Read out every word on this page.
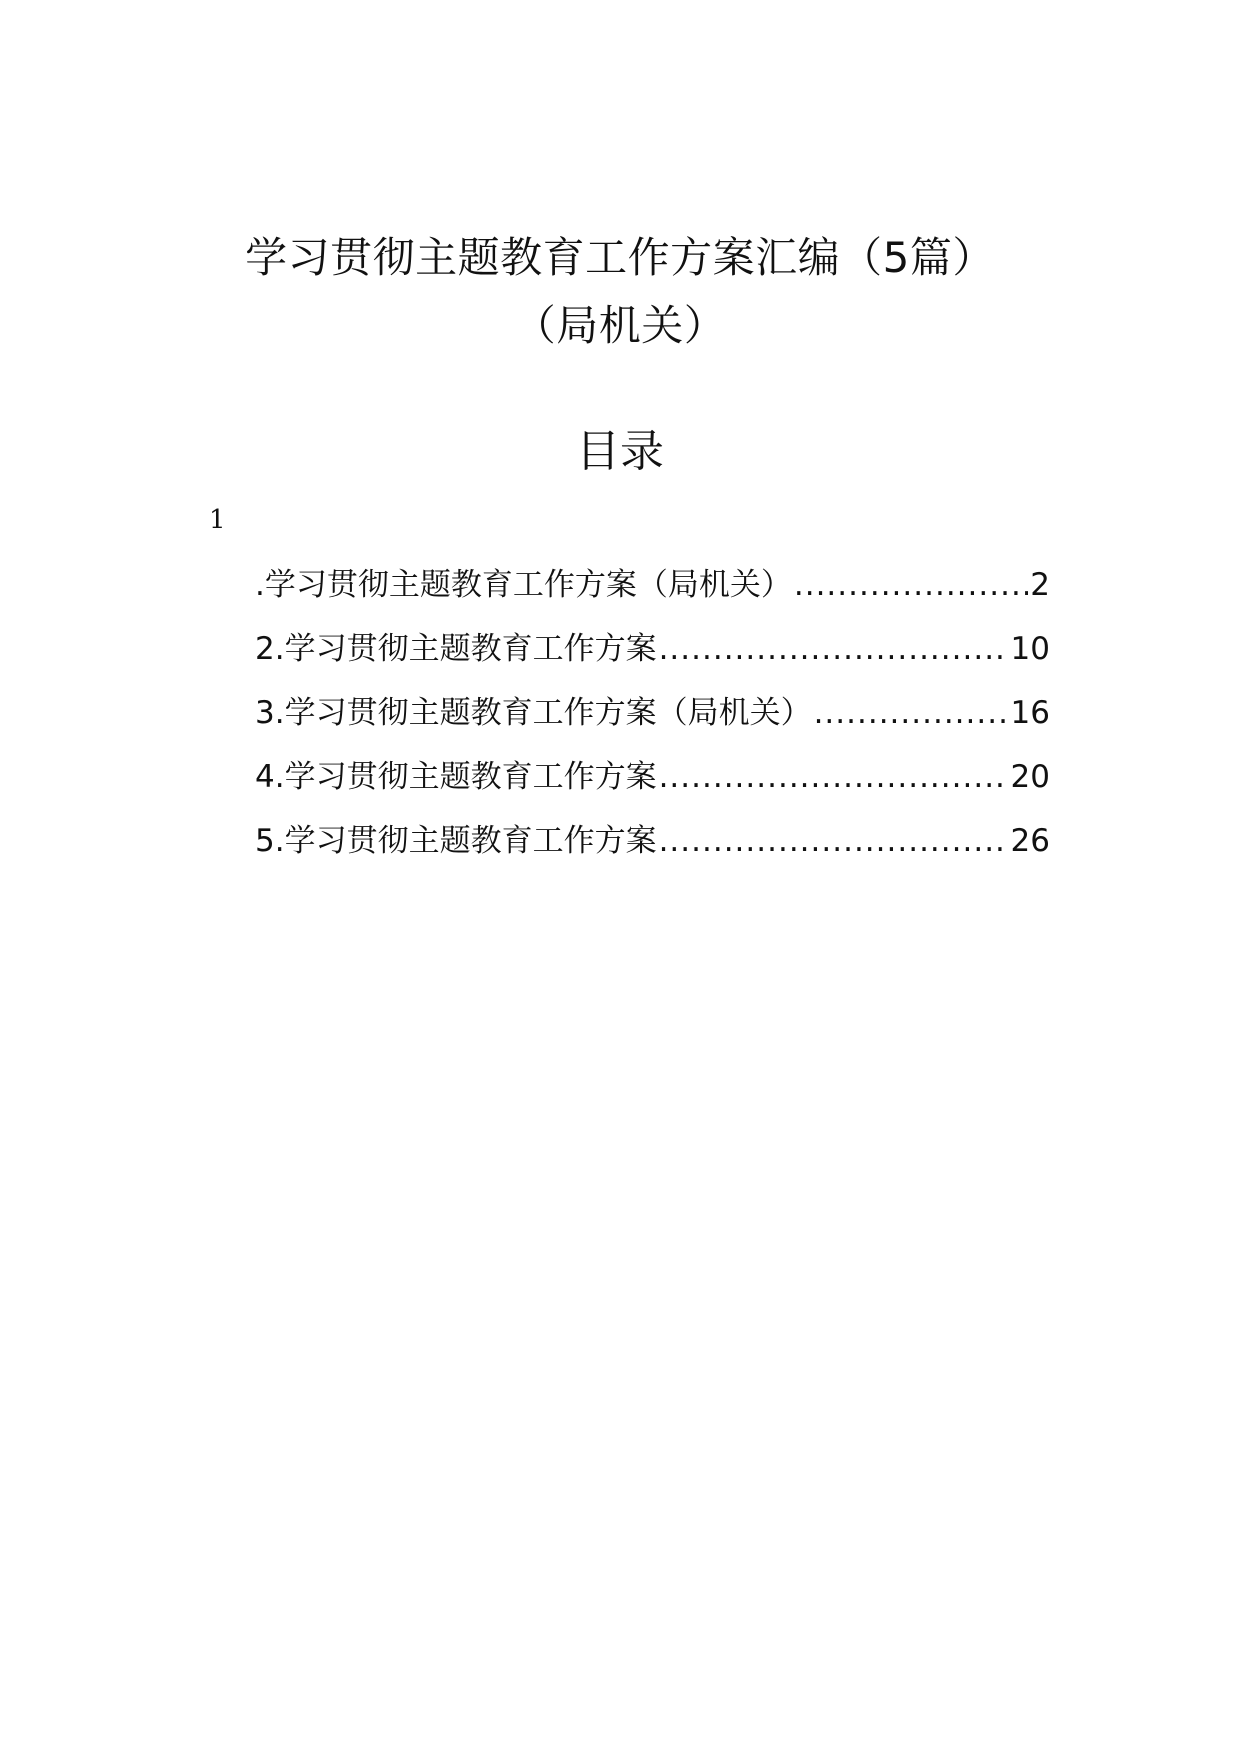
学习贯彻主题教育工作方案汇编（5篇）
（局机关）
目录
1
.学习贯彻主题教育工作方案（局机关） .....	2
2.学习贯彻主题教育工作方案 .....	10
3.学习贯彻主题教育工作方案（局机关） .....	16
4.学习贯彻主题教育工作方案 .....	20
5.学习贯彻主题教育工作方案 .....	26
